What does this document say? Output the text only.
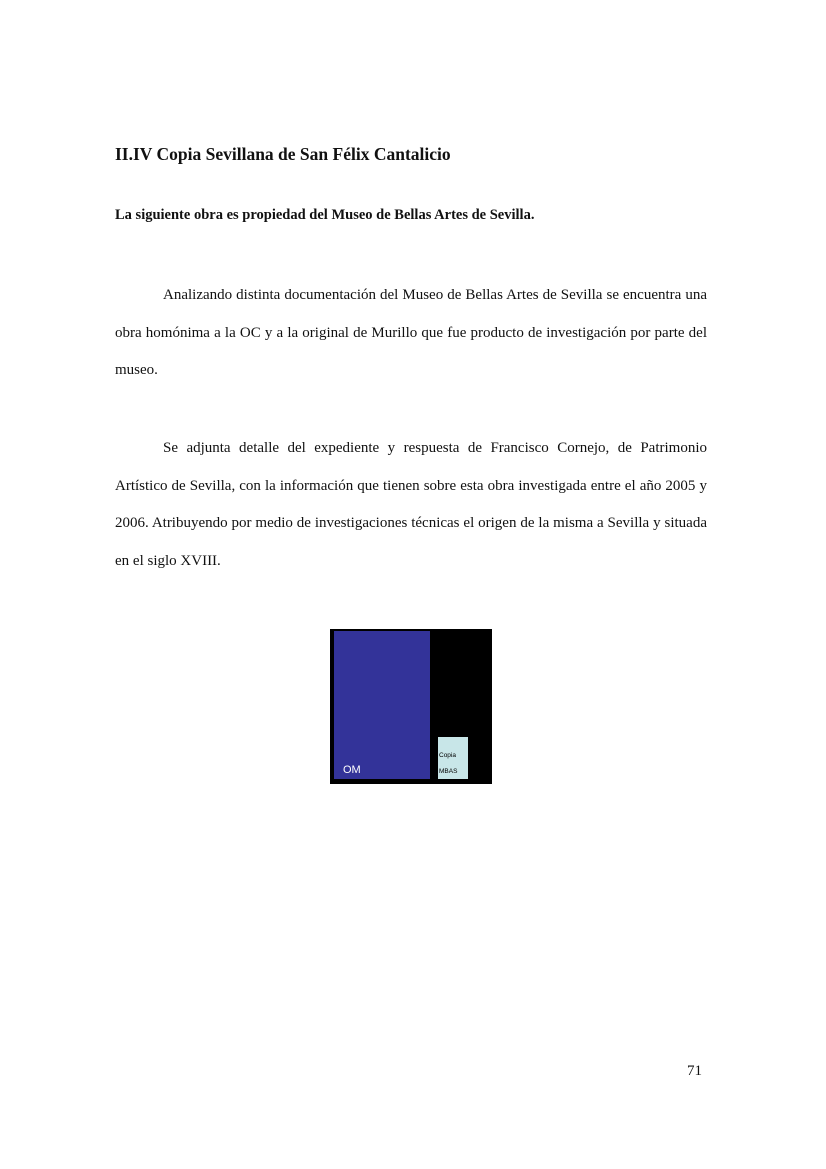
II.IV Copia Sevillana de San Félix Cantalicio
La siguiente obra es propiedad del Museo de Bellas Artes de Sevilla.

Analizando distinta documentación del Museo de Bellas Artes de Sevilla se encuentra una obra homónima a la OC y a la original de Murillo que fue producto de investigación por parte del museo.

Se adjunta detalle del expediente y respuesta de Francisco Cornejo, de Patrimonio Artístico de Sevilla, con la información que tienen sobre esta obra investigada entre el año 2005 y 2006. Atribuyendo por medio de investigaciones técnicas el origen de la misma a Sevilla y situada en el siglo XVIII.

OM
Copia
MBAS
71
